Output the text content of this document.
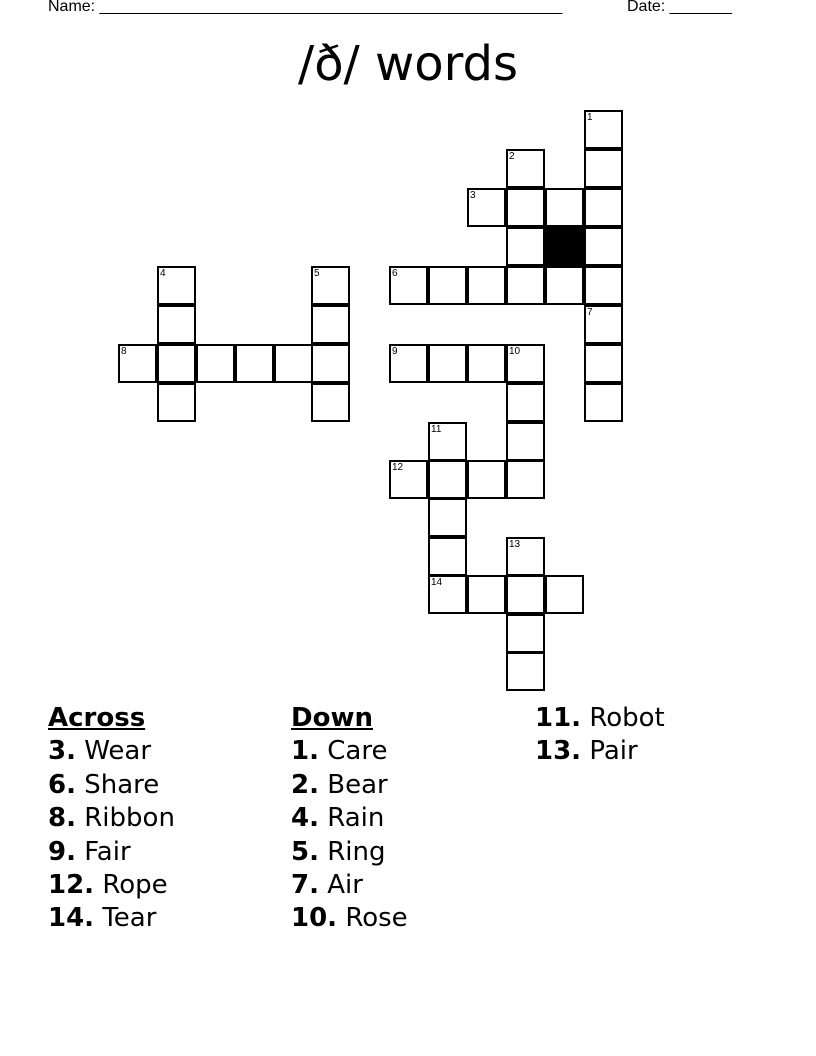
Name: ____________________________________________________	Date: _______
/ð/ words
1
2
3
6
7
4	5
8	9	10
11
12
14
13
Across
3. Wear
6. Share
8. Ribbon
9. Fair
12. Rope
14. Tear
Down
1. Care
2. Bear
4. Rain
5. Ring
7. Air
10. Rose
11. Robot
13. Pair
